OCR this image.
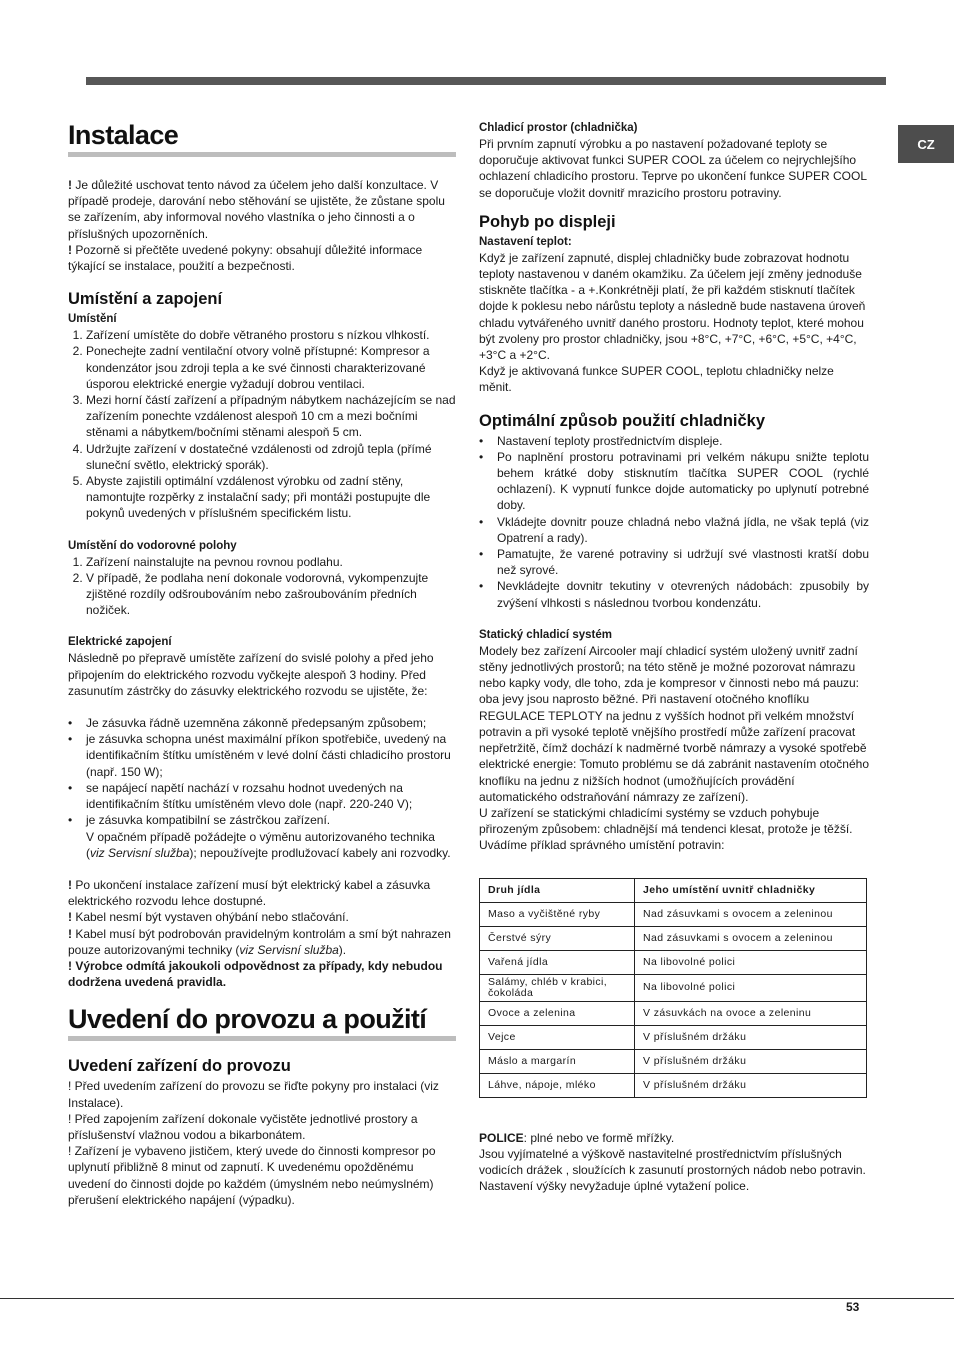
CZ
Instalace

! Je důležité uschovat tento návod za účelem jeho další konzultace. V případě prodeje, darování nebo stěhování se ujistěte, že zůstane spolu se zařízením, aby informoval nového vlastníka o jeho činnosti a o příslušných upozorněních.

! Pozorně si přečtěte uvedené pokyny: obsahují důležité informace týkající se instalace, použití a bezpečnosti.

Umístění a zapojení
Umístění
1. Zařízení umístěte do dobře větraného prostoru s nízkou vlhkostí.
2. Ponechejte zadní ventilační otvory volně přístupné: Kompresor a kondenzátor jsou zdroji tepla a ke své činnosti charakterizované úsporou elektrické energie vyžadují dobrou ventilaci.
3. Mezi horní částí zařízení a případným nábytkem nacházejícím se nad zařízením ponechte vzdálenost alespoň 10 cm a mezi bočními stěnami a nábytkem/bočními stěnami alespoň 5 cm.
4. Udržujte zařízení v dostatečné vzdálenosti od zdrojů tepla (přímé sluneční světlo, elektrický sporák).
5. Abyste zajistili optimální vzdálenost výrobku od zadní stěny, namontujte rozpěrky z instalační sady; při montáži postupujte dle pokynů uvedených v příslušném specifickém listu.
Umístění do vodorovné polohy
1. Zařízení nainstalujte na pevnou rovnou podlahu.
2. V případě, že podlaha není dokonale vodorovná, vykompenzujte zjištěné rozdíly odšroubováním nebo zašroubováním předních nožiček.
Elektrické zapojení

Následně po přepravě umístěte zařízení do svislé polohy a před jeho připojením do elektrického rozvodu vyčkejte alespoň 3 hodiny. Před zasunutím zástrčky do zásuvky elektrického rozvodu se ujistěte, že:

• Je zásuvka řádně uzemněna zákonně předepsaným způsobem;
• je zásuvka schopna unést maximální příkon spotřebiče, uvedený na identifikačním štítku umístěném v levé dolní části chladicího prostoru (např. 150 W);
• se napájecí napětí nachází v rozsahu hodnot uvedených na identifikačním štítku umístěném vlevo dole (např. 220-240 V);
• je zásuvka kompatibilní se zástrčkou zařízení.
V opačném případě požádejte o výměnu autorizovaného technika (viz Servisní služba); nepoužívejte prodlužovací kabely ani rozvodky.

! Po ukončení instalace zařízení musí být elektrický kabel a zásuvka elektrického rozvodu lehce dostupné.

! Kabel nesmí být vystaven ohýbání nebo stlačování.

! Kabel musí být podrobován pravidelným kontrolám a smí být nahrazen pouze autorizovanými techniky (viz Servisní služba).

! Výrobce odmítá jakoukoli odpovědnost za případy, kdy nebudou dodržena uvedená pravidla.

Uvedení do provozu a použití
Uvedení zařízení do provozu

! Před uvedením zařízení do provozu se řiďte pokyny pro instalaci (viz Instalace).

! Před zapojením zařízení dokonale vyčistěte jednotlivé prostory a příslušenství vlažnou vodou a bikarbonátem.

! Zařízení je vybaveno jističem, který uvede do činnosti kompresor po uplynutí přibližně 8 minut od zapnutí. K uvedenému opožděnému uvedení do činnosti dojde po každém (úmyslném nebo neúmyslném) přerušení elektrického napájení (výpadku).

Chladicí prostor (chladnička)

Při prvním zapnutí výrobku a po nastavení požadované teploty se doporučuje aktivovat funkci SUPER COOL za účelem co nejrychlejšího ochlazení chladicího prostoru. Teprve po ukončení funkce SUPER COOL se doporučuje vložit dovnitř mrazicího prostoru potraviny.

Pohyb po displeji
Nastavení teplot:

Když je zařízení zapnuté, displej chladničky bude zobrazovat hodnotu teploty nastavenou v daném okamžiku. Za účelem její změny jednoduše stiskněte tlačítka - a +.Konkrétněji platí, že při každém stisknutí tlačítek dojde k poklesu nebo nárůstu teploty a následně bude nastavena úroveň chladu vytvářeného uvnitř daného prostoru. Hodnoty teplot, které mohou být zvoleny pro prostor chladničky, jsou +8°C, +7°C, +6°C, +5°C, +4°C, +3°C a +2°C.

Když je aktivovaná funkce SUPER COOL, teplotu chladničky nelze měnit.

Optimální způsob použití chladničky
• Nastavení teploty prostřednictvím displeje.
• Po naplnění prostoru potravinami pri velkém nákupu snižte teplotu behem krátké doby stisknutím tlačítka SUPER COOL (rychlé ochlazení). K vypnutí funkce dojde automaticky po uplynutí potrebné doby.
• Vkládejte dovnitr pouze chladná nebo vlažná jídla, ne však teplá (viz Opatrení a rady).
• Pamatujte, že varené potraviny si udržují své vlastnosti kratší dobu než syrové.
• Nevkládejte dovnitr tekutiny v otevrených nádobách: zpusobily by zvýšení vlhkosti s následnou tvorbou kondenzátu.
Statický chladicí systém

Modely bez zařízení Aircooler mají chladicí systém uložený uvnitř zadní stěny jednotlivých prostorů; na této stěně je možné pozorovat námrazu nebo kapky vody, dle toho, zda je kompresor v činnosti nebo má pauzu: oba jevy jsou naprosto běžné. Při nastavení otočného knoflíku REGULACE TEPLOTY na jednu z vyšších hodnot při velkém množství potravin a při vysoké teplotě vnějšího prostředí může zařízení pracovat nepřetržitě, čímž dochází k nadměrné tvorbě námrazy a vysoké spotřebě elektrické energie: Tomuto problému se dá zabránit nastavením otočného knoflíku na jednu z nižších hodnot (umožňujících provádění automatického odstraňování námrazy ze zařízení).

U zařízení se statickými chladicími systémy se vzduch pohybuje přirozeným způsobem: chladnější má tendenci klesat, protože je těžší. Uvádíme příklad správného umístění potravin:

Druh jídla	Jeho umístění uvnitř chladničky
Maso a vyčištěné ryby	Nad zásuvkami s ovocem a zeleninou
Čerstvé sýry	Nad zásuvkami s ovocem a zeleninou
Vařená jídla	Na libovolné polici
Salámy, chléb v krabici, čokoláda	Na libovolné polici
Ovoce a zelenina	V zásuvkách na ovoce a zeleninu
Vejce	V příslušném držáku
Máslo a margarín	V příslušném držáku
Láhve, nápoje, mléko	V příslušném držáku

POLICE: plné nebo ve formě mřížky.
Jsou vyjímatelné a výškově nastavitelné prostřednictvím příslušných vodicích drážek , sloužících k zasunutí prostorných nádob nebo potravin. Nastavení výšky nevyžaduje úplné vytažení police.

53
